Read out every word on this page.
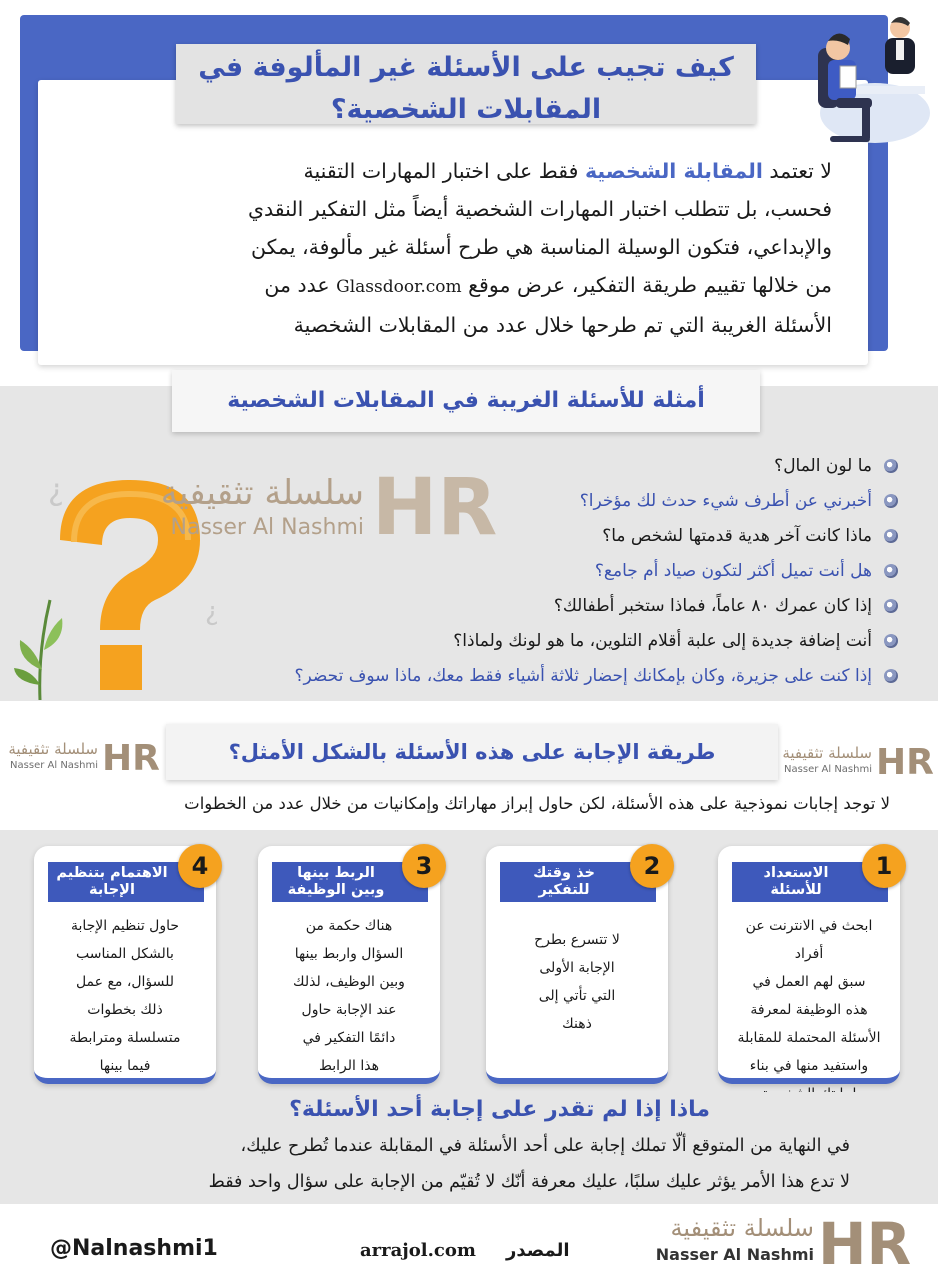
كيف تجيب على الأسئلة غير المألوفة في
المقابلات الشخصية؟
لا تعتمد المقابلة الشخصية فقط على اختبار المهارات التقنية
فحسب، بل تتطلب اختبار المهارات الشخصية أيضاً مثل التفكير النقدي
والإبداعي، فتكون الوسيلة المناسبة هي طرح أسئلة غير مألوفة، يمكن
من خلالها تقييم طريقة التفكير، عرض موقع Glassdoor.com عدد من
الأسئلة الغريبة التي تم طرحها خلال عدد من المقابلات الشخصية
¿
¿
سلسلة تثقيفية
Nasser Al Nashmi HR
أمثلة للأسئلة الغريبة في المقابلات الشخصية
ما لون المال؟
أخبرني عن أطرف شيء حدث لك مؤخرا؟
ماذا كانت آخر هدية قدمتها لشخص ما؟
هل أنت تميل أكثر لتكون صياد أم جامع؟
إذا كان عمرك ٨٠ عاماً، فماذا ستخبر أطفالك؟
أنت إضافة جديدة إلى علبة أقلام التلوين، ما هو لونك ولماذا؟
إذا كنت على جزيرة، وكان بإمكانك إحضار ثلاثة أشياء فقط معك، ماذا سوف تحضر؟
سلسلة تثقيفية
Nasser Al Nashmi HR	سلسلة تثقيفية
Nasser Al Nashmi HR
طريقة الإجابة على هذه الأسئلة بالشكل الأمثل؟
لا توجد إجابات نموذجية على هذه الأسئلة، لكن حاول إبراز مهاراتك وإمكانيات من خلال عدد من الخطوات
الاستعداد للأسئلة
1
ابحث في الانترنت عن أفراد
سبق لهم العمل في
هذه الوظيفة لمعرفة
الأسئلة المحتملة للمقابلة
واستفيد منها في بناء
خذ وقتك للتفكير
2
لا تتسرع بطرح
الإجابة الأولى
التي تأتي إلى
ذهنك
الربط بينها وبين الوظيفة
3
هناك حكمة من
السؤال واربط بينها
وبين الوظيف، لذلك
عند الإجابة حاول
دائمًا التفكير في
هذا الرابط
الاهتمام بتنظيم الإجابة
4
حاول تنظيم الإجابة
بالشكل المناسب
للسؤال، مع عمل
ذلك بخطوات
متسلسلة ومترابطة
فيما بينها
ماذا إذا لم تقدر على إجابة أحد الأسئلة؟
في النهاية من المتوقع ألّا تملك إجابة على أحد الأسئلة في المقابلة عندما تُطرح عليك،
لا تدع هذا الأمر يؤثر عليك سلبًا، عليك معرفة أنّك لا تُقيّم من الإجابة على سؤال واحد فقط
@Nalnashmi1	arrajol.com المصدر
سلسلة تثقيفية
Nasser Al Nashmi HR
